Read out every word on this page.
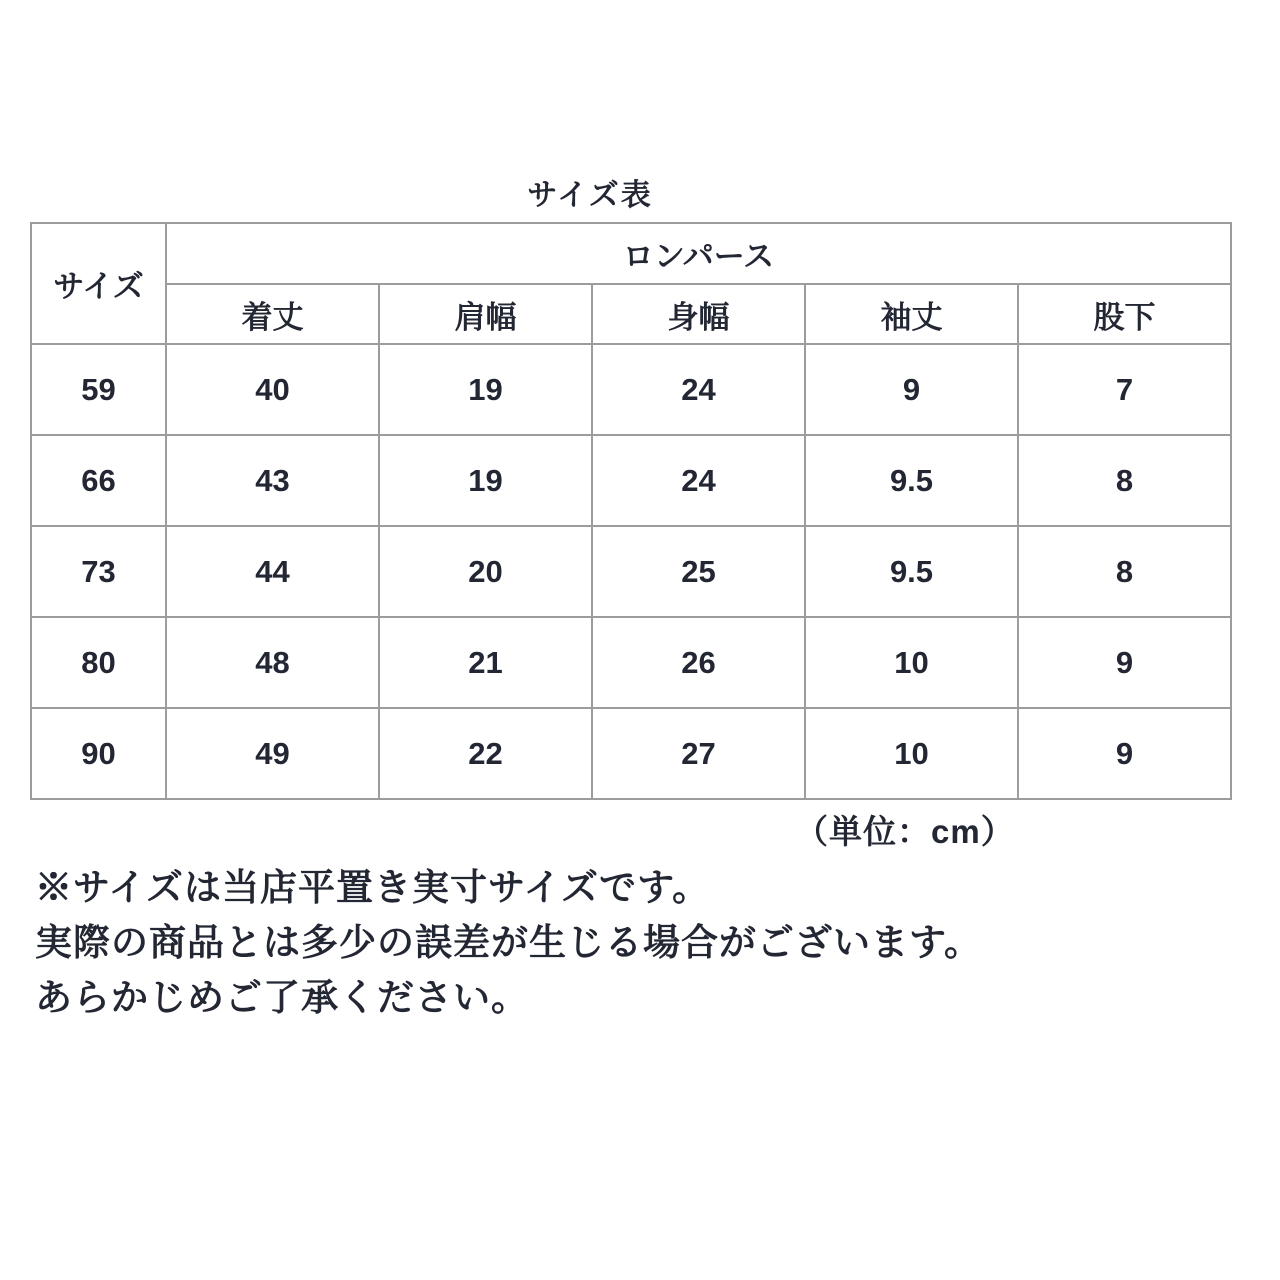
サイズ表
サイズ	ロンパース				
	着丈	肩幅	身幅	袖丈	股下
59	40	19	24	9	7
66	43	19	24	9.5	8
73	44	20	25	9.5	8
80	48	21	26	10	9
90	49	22	27	10	9
（単位：cm）
※サイズは当店平置き実寸サイズです。
実際の商品とは多少の誤差が生じる場合がございます。
あらかじめご了承ください。
